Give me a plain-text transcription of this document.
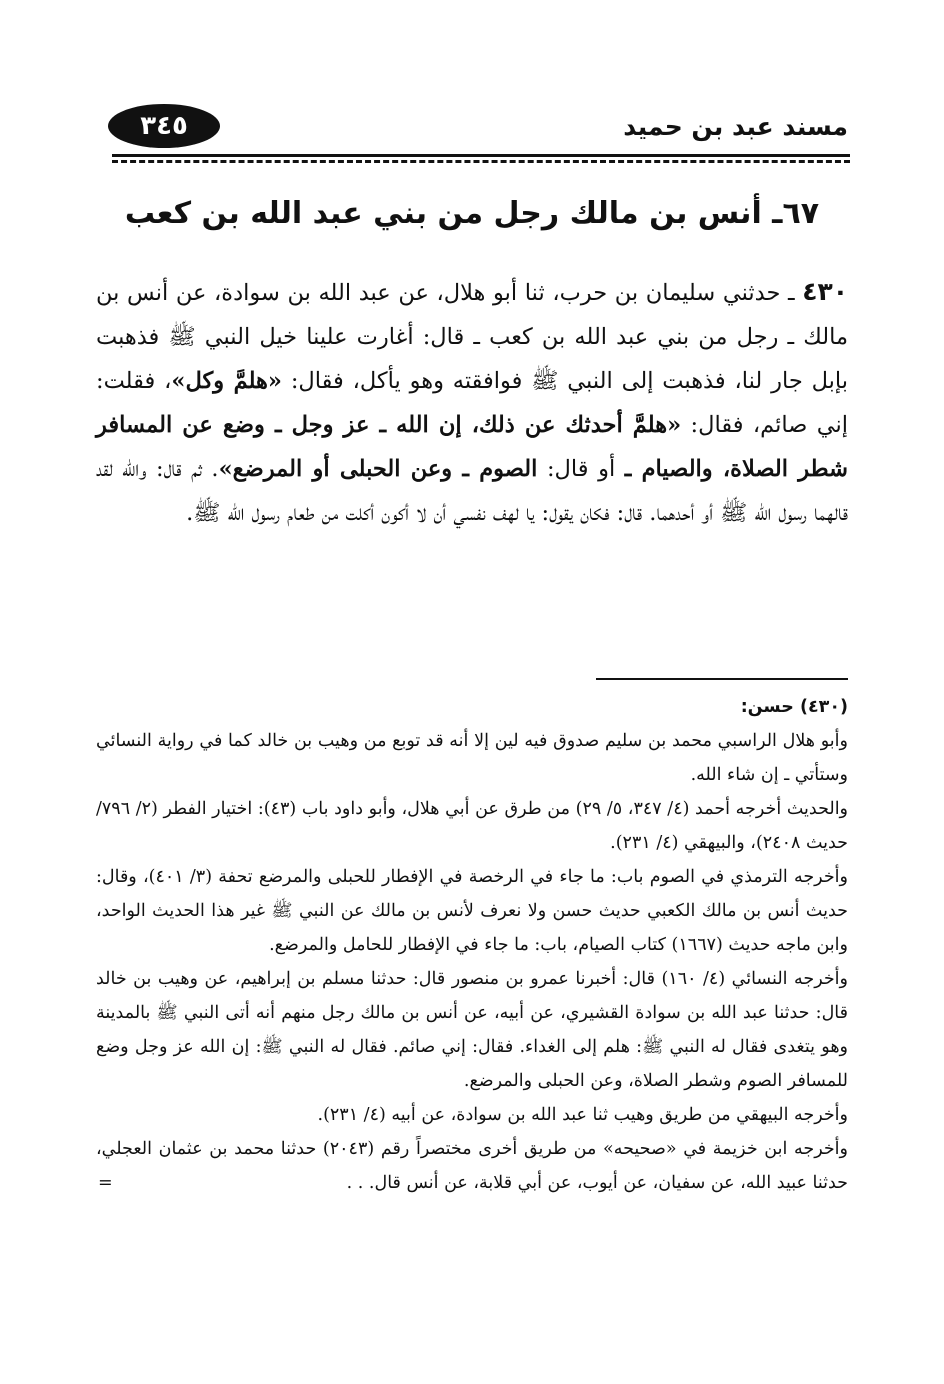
مسند عبد بن حميد
٣٤٥
٦٧ـ أنس بن مالك رجل من بني عبد الله بن كعب
٤٣٠ ـ حدثني سليمان بن حرب، ثنا أبو هلال، عن عبد الله بن سوادة، عن أنس بن مالك ـ رجل من بني عبد الله بن كعب ـ قال: أغارت علينا خيل النبي ﷺ فذهبت بإبل جار لنا، فذهبت إلى النبي ﷺ فوافقته وهو يأكل، فقال: «هلمَّ وكل»، فقلت: إني صائم، فقال: «هلمَّ أحدثك عن ذلك، إن الله ـ عز وجل ـ وضع عن المسافر شطر الصلاة، والصيام ـ أو قال: الصوم ـ وعن الحبلى أو المرضع». ثم قال: والله لقد قالهما رسول الله ﷺ أو أحدهما. قال: فكان يقول: يا لهف نفسي أن لا أكون أكلت من طعام رسول الله ﷺ.

(٤٣٠) حسن:

وأبو هلال الراسبي محمد بن سليم صدوق فيه لين إلا أنه قد توبع من وهيب بن خالد كما في رواية النسائي وستأتي ـ إن شاء الله.

والحديث أخرجه أحمد (٤/ ٣٤٧، ٥/ ٢٩) من طرق عن أبي هلال، وأبو داود باب (٤٣): اختيار الفطر (٢/ ٧٩٦/ حديث ٢٤٠٨)، والبيهقي (٤/ ٢٣١).

وأخرجه الترمذي في الصوم باب: ما جاء في الرخصة في الإفطار للحبلى والمرضع تحفة (٣/ ٤٠١)، وقال: حديث أنس بن مالك الكعبي حديث حسن ولا نعرف لأنس بن مالك عن النبي ﷺ غير هذا الحديث الواحد، وابن ماجه حديث (١٦٦٧) كتاب الصيام، باب: ما جاء في الإفطار للحامل والمرضع.

وأخرجه النسائي (٤/ ١٦٠) قال: أخبرنا عمرو بن منصور قال: حدثنا مسلم بن إبراهيم، عن وهيب بن خالد قال: حدثنا عبد الله بن سوادة القشيري، عن أبيه، عن أنس بن مالك رجل منهم أنه أتى النبي ﷺ بالمدينة وهو يتغدى فقال له النبي ﷺ: هلم إلى الغداء. فقال: إني صائم. فقال له النبي ﷺ: إن الله عز وجل وضع للمسافر الصوم وشطر الصلاة، وعن الحبلى والمرضع.

وأخرجه البيهقي من طريق وهيب ثنا عبد الله بن سوادة، عن أبيه (٤/ ٢٣١).

وأخرجه ابن خزيمة في «صحيحه» من طريق أخرى مختصراً رقم (٢٠٤٣) حدثنا محمد بن عثمان العجلي، حدثنا عبيد الله، عن سفيان، عن أيوب، عن أبي قلابة، عن أنس قال. . .
=
